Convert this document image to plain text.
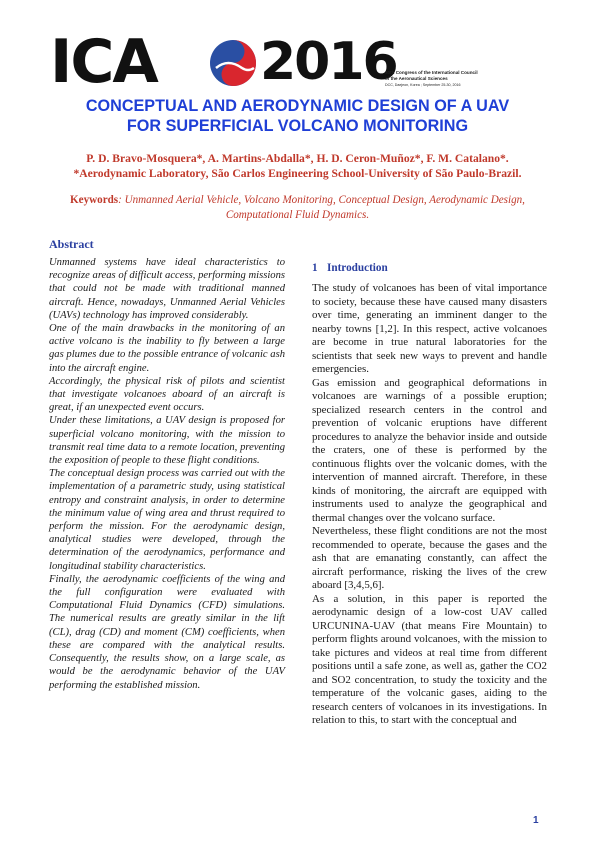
ICA 2016
30th Congress of the International Council
of the Aeronautical Sciences
DCC, Daejeon, Korea ; September 25-30, 2016
CONCEPTUAL AND AERODYNAMIC DESIGN OF A UAV
FOR SUPERFICIAL VOLCANO MONITORING
P. D. Bravo-Mosquera*, A. Martins-Abdalla*, H. D. Ceron-Muñoz*, F. M. Catalano*.
*Aerodynamic Laboratory, São Carlos Engineering School-University of São Paulo-Brazil.
Keywords: Unmanned Aerial Vehicle, Volcano Monitoring, Conceptual Design, Aerodynamic Design, Computational Fluid Dynamics.
Abstract

Unmanned systems have ideal characteristics to recognize areas of difficult access, performing missions that could not be made with traditional manned aircraft. Hence, nowadays, Unmanned Aerial Vehicles (UAVs) technology has improved considerably.

One of the main drawbacks in the monitoring of an active volcano is the inability to fly between a large gas plumes due to the possible entrance of volcanic ash into the aircraft engine.

Accordingly, the physical risk of pilots and scientist that investigate volcanoes aboard of an aircraft is great, if an unexpected event occurs.

Under these limitations, a UAV design is proposed for superficial volcano monitoring, with the mission to transmit real time data to a remote location, preventing the exposition of people to these flight conditions.

The conceptual design process was carried out with the implementation of a parametric study, using statistical entropy and constraint analysis, in order to determine the minimum value of wing area and thrust required to perform the mission. For the aerodynamic design, analytical studies were developed, through the determination of the aerodynamics, performance and longitudinal stability characteristics.

Finally, the aerodynamic coefficients of the wing and the full configuration were evaluated with Computational Fluid Dynamics (CFD) simulations. The numerical results are greatly similar in the lift (CL), drag (CD) and moment (CM) coefficients, when these are compared with the analytical results. Consequently, the results show, on a large scale, as would be the aerodynamic behavior of the UAV performing the established mission.

1 Introduction

The study of volcanoes has been of vital importance to society, because these have caused many disasters over time, generating an imminent danger to the nearby towns [1,2]. In this respect, active volcanoes are become in true natural laboratories for the scientists that seek new ways to prevent and handle emergencies.

Gas emission and geographical deformations in volcanoes are warnings of a possible eruption; specialized research centers in the control and prevention of volcanic eruptions have different procedures to analyze the behavior inside and outside the craters, one of these is performed by the continuous flights over the volcanic domes, with the intervention of manned aircraft. Therefore, in these kinds of monitoring, the aircraft are equipped with instruments used to analyze the geographical and thermal changes over the volcano surface.

Nevertheless, these flight conditions are not the most recommended to operate, because the gases and the ash that are emanating constantly, can affect the aircraft performance, risking the lives of the crew aboard [3,4,5,6].

As a solution, in this paper is reported the aerodynamic design of a low-cost UAV called URCUNINA-UAV (that means Fire Mountain) to perform flights around volcanoes, with the mission to take pictures and videos at real time from different positions until a safe zone, as well as, gather the CO2 and SO2 concentration, to study the toxicity and the temperature of the volcanic gases, aiding to the research centers of volcanoes in its investigations. In relation to this, to start with the conceptual and

1
